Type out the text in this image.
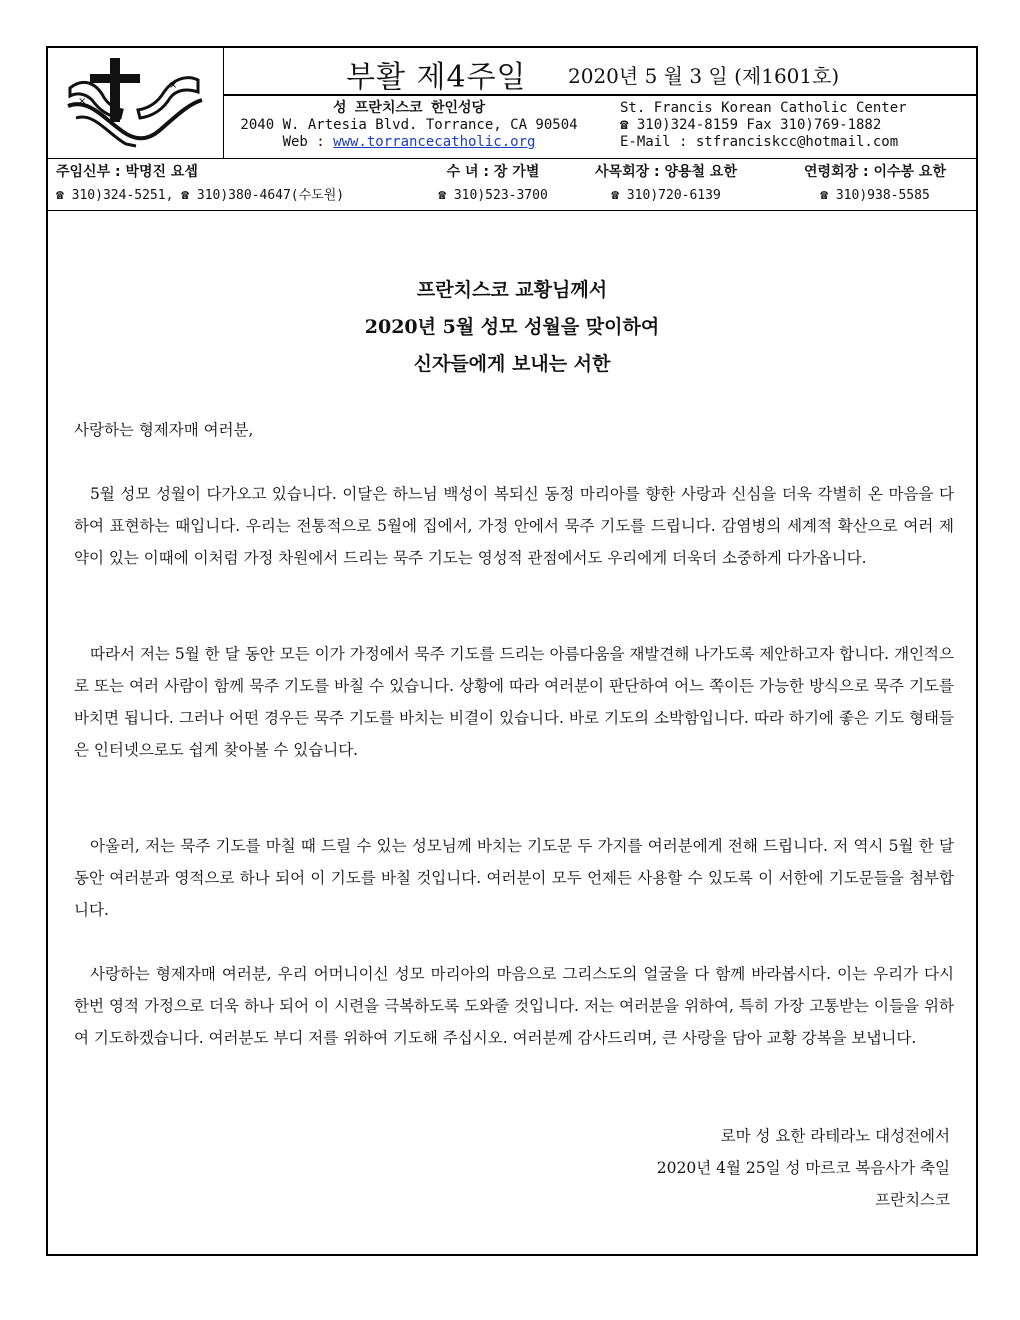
×
×
부활 제4주일 2020년 5 월 3 일 (제1601호)
성 프란치스코 한인성당
2040 W. Artesia Blvd. Torrance, CA 90504
Web : www.torrancecatholic.org
St. Francis Korean Catholic Center
☎ 310)324-8159 Fax 310)769-1882
E-Mail : stfranciskcc@hotmail.com
주임신부 : 박명진 요셉
☎ 310)324-5251, ☎ 310)380-4647(수도원)
수 녀 : 장 가별
☎ 310)523-3700
사목회장 : 양용철 요한
☎ 310)720-6139
연령회장 : 이수봉 요한
☎ 310)938-5585
프란치스코 교황님께서
2020년 5월 성모 성월을 맞이하여
신자들에게 보내는 서한
사랑하는 형제자매 여러분,
5월 성모 성월이 다가오고 있습니다. 이달은 하느님 백성이 복되신 동정 마리아를 향한 사랑과 신심을 더욱 각별히 온 마음을 다하여 표현하는 때입니다. 우리는 전통적으로 5월에 집에서, 가정 안에서 묵주 기도를 드립니다. 감염병의 세계적 확산으로 여러 제약이 있는 이때에 이처럼 가정 차원에서 드리는 묵주 기도는 영성적 관점에서도 우리에게 더욱더 소중하게 다가옵니다.
따라서 저는 5월 한 달 동안 모든 이가 가정에서 묵주 기도를 드리는 아름다움을 재발견해 나가도록 제안하고자 합니다. 개인적으로 또는 여러 사람이 함께 묵주 기도를 바칠 수 있습니다. 상황에 따라 여러분이 판단하여 어느 쪽이든 가능한 방식으로 묵주 기도를 바치면 됩니다. 그러나 어떤 경우든 묵주 기도를 바치는 비결이 있습니다. 바로 기도의 소박함입니다. 따라 하기에 좋은 기도 형태들은 인터넷으로도 쉽게 찾아볼 수 있습니다.
아울러, 저는 묵주 기도를 마칠 때 드릴 수 있는 성모님께 바치는 기도문 두 가지를 여러분에게 전해 드립니다. 저 역시 5월 한 달 동안 여러분과 영적으로 하나 되어 이 기도를 바칠 것입니다. 여러분이 모두 언제든 사용할 수 있도록 이 서한에 기도문들을 첨부합니다.
사랑하는 형제자매 여러분, 우리 어머니이신 성모 마리아의 마음으로 그리스도의 얼굴을 다 함께 바라봅시다. 이는 우리가 다시 한번 영적 가정으로 더욱 하나 되어 이 시련을 극복하도록 도와줄 것입니다. 저는 여러분을 위하여, 특히 가장 고통받는 이들을 위하여 기도하겠습니다. 여러분도 부디 저를 위하여 기도해 주십시오. 여러분께 감사드리며, 큰 사랑을 담아 교황 강복을 보냅니다.
로마 성 요한 라테라노 대성전에서
2020년 4월 25일 성 마르코 복음사가 축일
프란치스코
